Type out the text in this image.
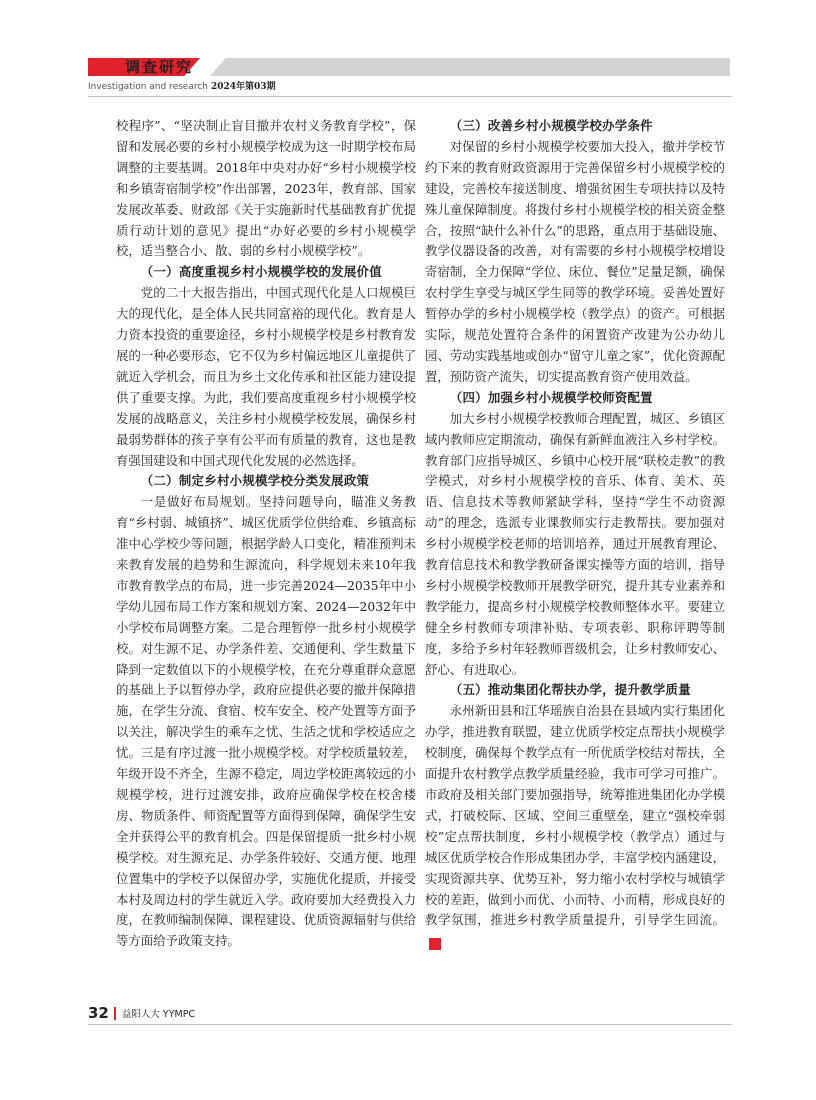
调查研究
Investigation and research 2024年第03期

校程序”、“坚决制止盲目撤并农村义务教育学校”，保留和发展必要的乡村小规模学校成为这一时期学校布局调整的主要基调。2018年中央对办好“乡村小规模学校和乡镇寄宿制学校”作出部署，2023年，教育部、国家发展改革委、财政部《关于实施新时代基础教育扩优提质行动计划的意见》提出“办好必要的乡村小规模学校，适当整合小、散、弱的乡村小规模学校”。

（一）高度重视乡村小规模学校的发展价值

党的二十大报告指出，中国式现代化是人口规模巨大的现代化，是全体人民共同富裕的现代化。教育是人力资本投资的重要途径，乡村小规模学校是乡村教育发展的一种必要形态，它不仅为乡村偏远地区儿童提供了就近入学机会，而且为乡土文化传承和社区能力建设提供了重要支撑。为此，我们要高度重视乡村小规模学校发展的战略意义，关注乡村小规模学校发展，确保乡村最弱势群体的孩子享有公平而有质量的教育，这也是教育强国建设和中国式现代化发展的必然选择。

（二）制定乡村小规模学校分类发展政策

一是做好布局规划。坚持问题导向，瞄准义务教育“乡村弱、城镇挤”、城区优质学位供给难、乡镇高标准中心学校少等问题，根据学龄人口变化，精准预判未来教育发展的趋势和生源流向，科学规划未来10年我市教育教学点的布局，进一步完善2024—2035年中小学幼儿园布局工作方案和规划方案、2024—2032年中小学校布局调整方案。二是合理暂停一批乡村小规模学校。对生源不足、办学条件差、交通便利、学生数量下降到一定数值以下的小规模学校，在充分尊重群众意愿的基础上予以暂停办学，政府应提供必要的撤并保障措施，在学生分流、食宿、校车安全、校产处置等方面予以关注，解决学生的乘车之忧、生活之忧和学校适应之忧。三是有序过渡一批小规模学校。对学校质量较差，年级开设不齐全，生源不稳定，周边学校距离较远的小规模学校，进行过渡安排，政府应确保学校在校舍楼房、物质条件、师资配置等方面得到保障，确保学生安全并获得公平的教育机会。四是保留提质一批乡村小规模学校。对生源充足、办学条件较好、交通方便、地理位置集中的学校予以保留办学，实施优化提质，并接受本村及周边村的学生就近入学。政府要加大经费投入力度，在教师编制保障、课程建设、优质资源辐射与供给等方面给予政策支持。

（三）改善乡村小规模学校办学条件

对保留的乡村小规模学校要加大投入，撤并学校节约下来的教育财政资源用于完善保留乡村小规模学校的建设，完善校车接送制度、增强贫困生专项扶持以及特殊儿童保障制度。将拨付乡村小规模学校的相关资金整合，按照“缺什么补什么”的思路，重点用于基础设施、教学仪器设备的改善，对有需要的乡村小规模学校增设寄宿制，全力保障“学位、床位、餐位”足量足额，确保农村学生享受与城区学生同等的教学环境。妥善处置好暂停办学的乡村小规模学校（教学点）的资产。可根据实际，规范处置符合条件的闲置资产改建为公办幼儿园、劳动实践基地或创办“留守儿童之家”，优化资源配置，预防资产流失，切实提高教育资产使用效益。

（四）加强乡村小规模学校师资配置

加大乡村小规模学校教师合理配置，城区、乡镇区域内教师应定期流动，确保有新鲜血液注入乡村学校。教育部门应指导城区、乡镇中心校开展“联校走教”的教学模式，对乡村小规模学校的音乐、体育、美术、英语、信息技术等教师紧缺学科，坚持“学生不动资源动”的理念，选派专业课教师实行走教帮扶。要加强对乡村小规模学校老师的培训培养，通过开展教育理论、教育信息技术和教学教研备课实操等方面的培训，指导乡村小规模学校教师开展教学研究，提升其专业素养和教学能力，提高乡村小规模学校教师整体水平。要建立健全乡村教师专项津补贴、专项表彰、职称评聘等制度，多给予乡村年轻教师晋级机会，让乡村教师安心、舒心、有进取心。

（五）推动集团化帮扶办学，提升教学质量

永州新田县和江华瑶族自治县在县域内实行集团化办学，推进教育联盟，建立优质学校定点帮扶小规模学校制度，确保每个教学点有一所优质学校结对帮扶，全面提升农村教学点教学质量经验，我市可学习可推广。市政府及相关部门要加强指导，统筹推进集团化办学模式，打破校际、区域、空间三重壁垒，建立“强校牵弱校”定点帮扶制度，乡村小规模学校（教学点）通过与城区优质学校合作形成集团办学，丰富学校内涵建设，实现资源共享、优势互补，努力缩小农村学校与城镇学校的差距，做到小而优、小而特、小而精，形成良好的教学氛围，推进乡村教学质量提升，引导学生回流。人

32 益阳人大 YYMPC
